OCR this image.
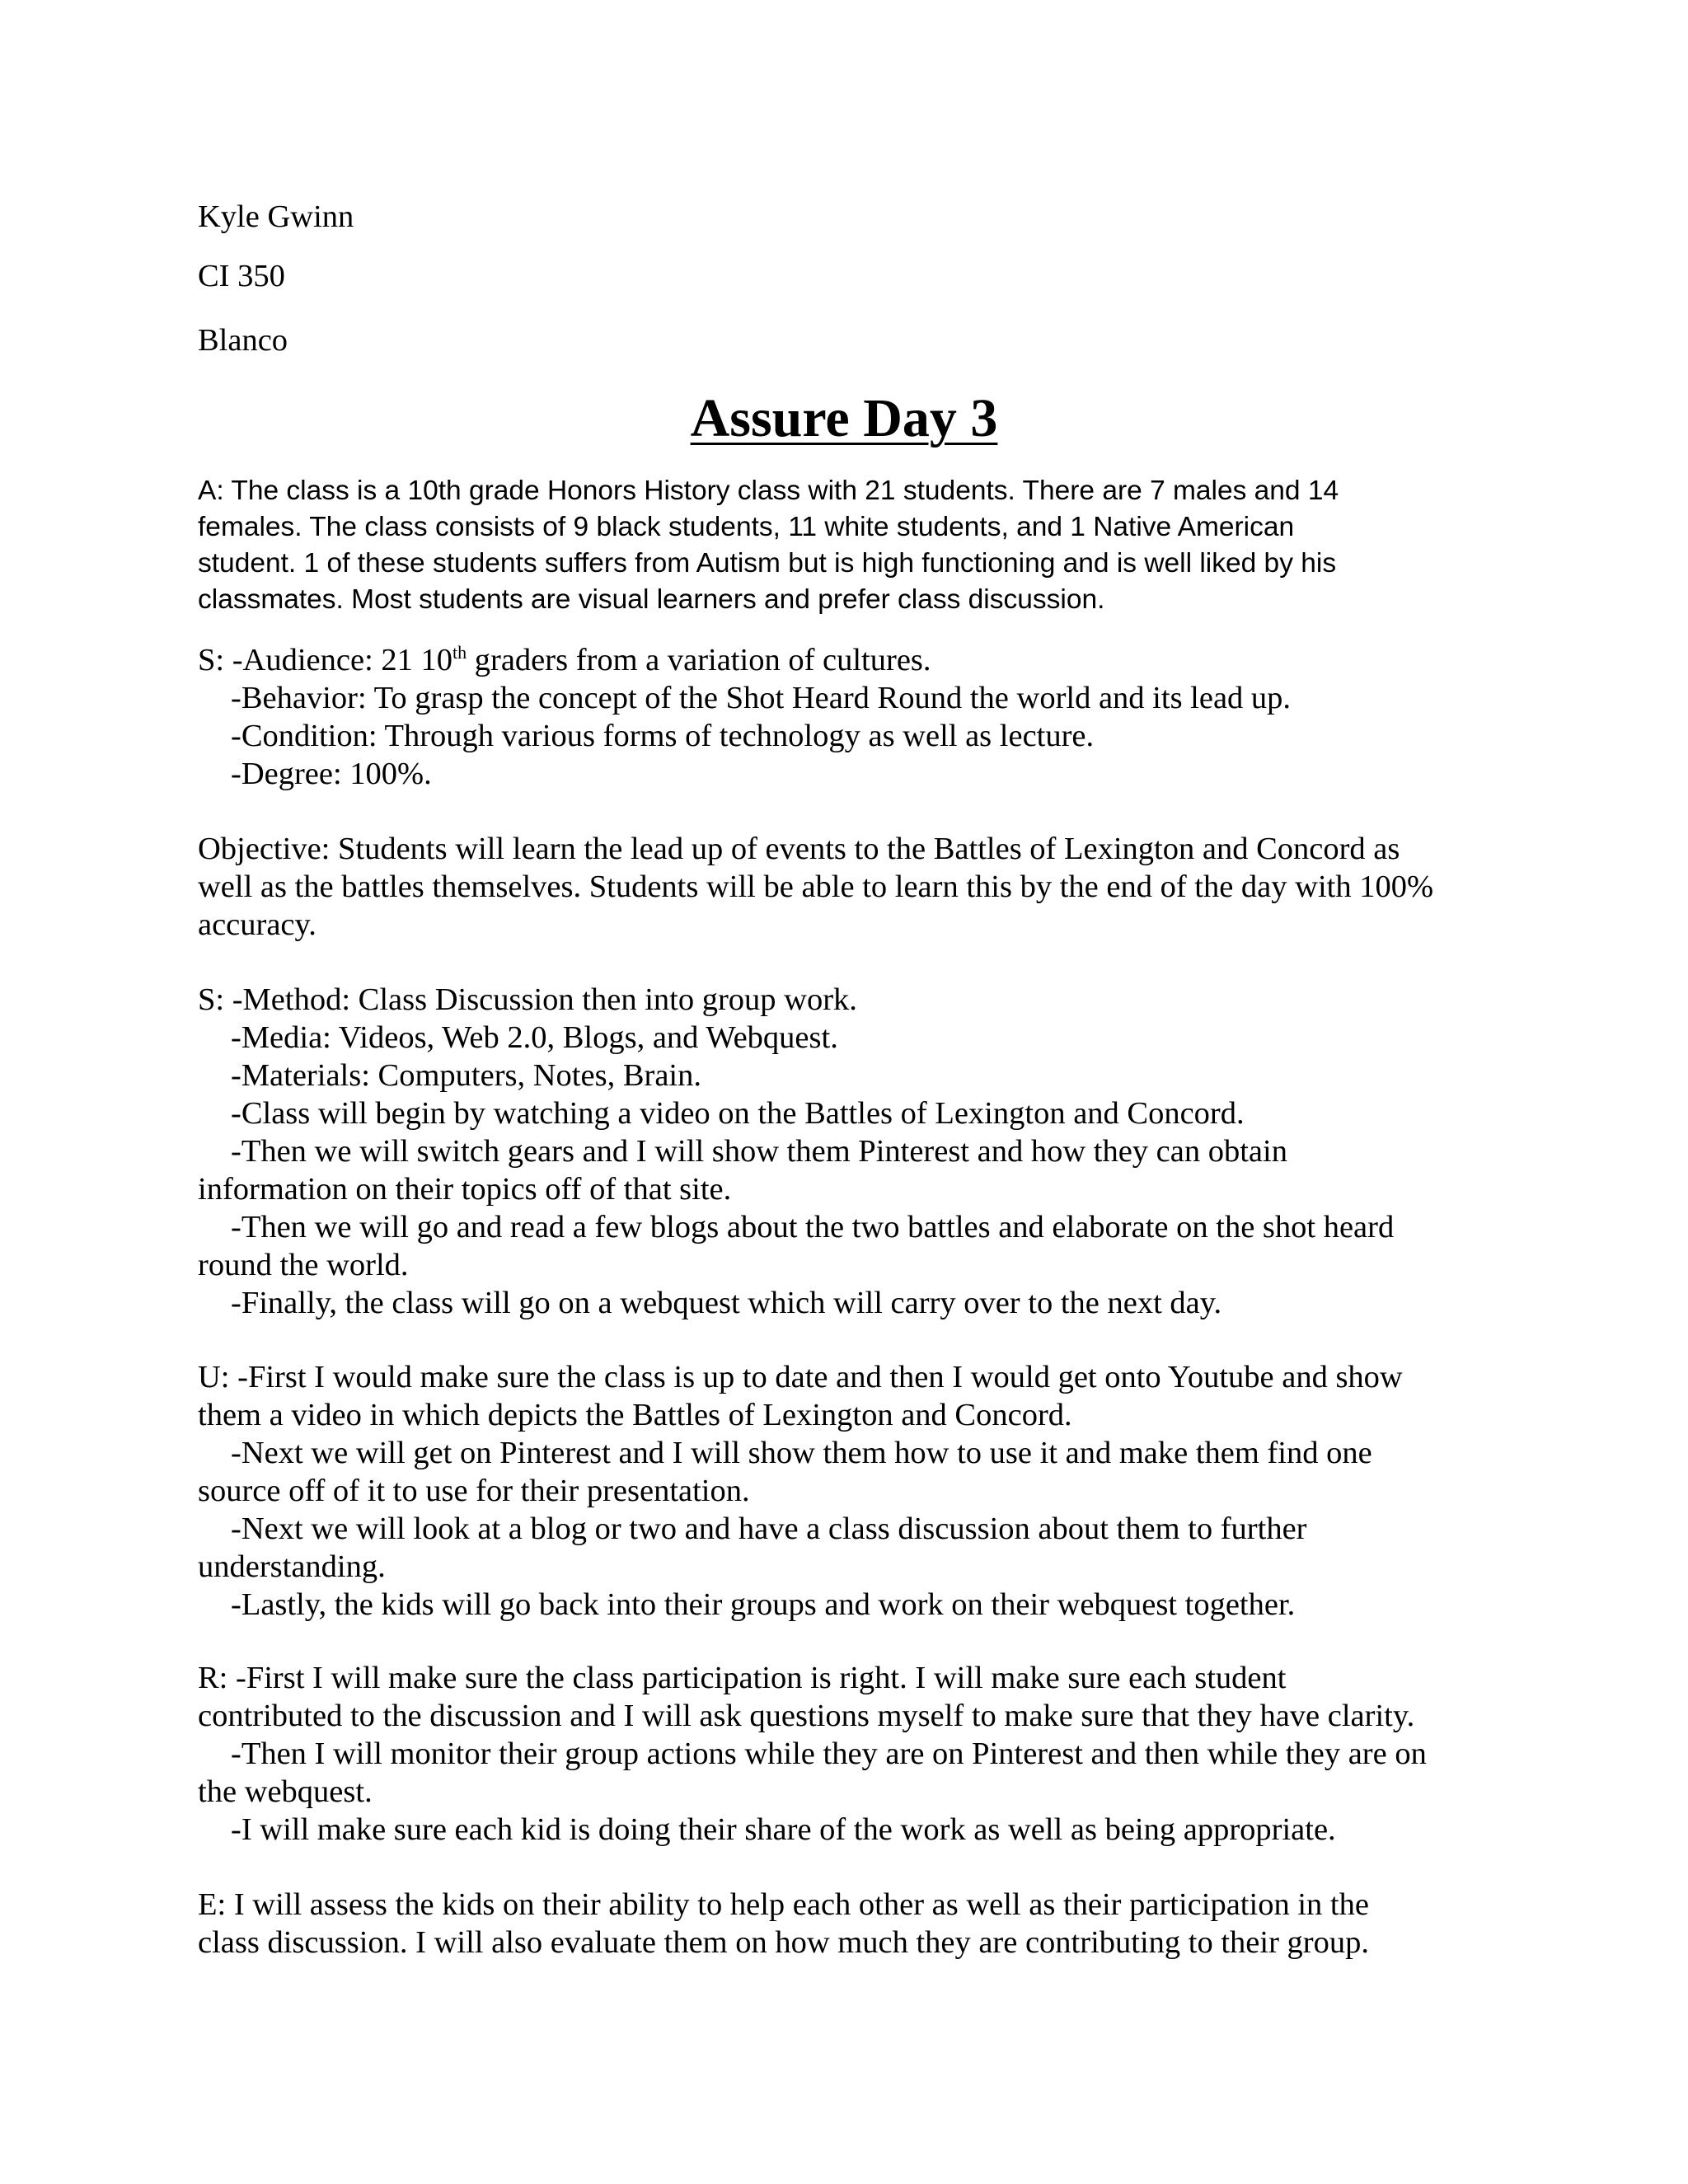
Kyle Gwinn

CI 350

Blanco

Assure Day 3
A: The class is a 10th grade Honors History class with 21 students. There are 7 males and 14
females. The class consists of 9 black students, 11 white students, and 1 Native American
student. 1 of these students suffers from Autism but is high functioning and is well liked by his
classmates. Most students are visual learners and prefer class discussion.
S: -Audience: 21 10th graders from a variation of cultures.
-Behavior: To grasp the concept of the Shot Heard Round the world and its lead up.
-Condition: Through various forms of technology as well as lecture.
-Degree: 100%.
Objective: Students will learn the lead up of events to the Battles of Lexington and Concord as
well as the battles themselves. Students will be able to learn this by the end of the day with 100%
accuracy.
S: -Method: Class Discussion then into group work.
-Media: Videos, Web 2.0, Blogs, and Webquest.
-Materials: Computers, Notes, Brain.
-Class will begin by watching a video on the Battles of Lexington and Concord.
-Then we will switch gears and I will show them Pinterest and how they can obtain
information on their topics off of that site.
-Then we will go and read a few blogs about the two battles and elaborate on the shot heard
round the world.
-Finally, the class will go on a webquest which will carry over to the next day.
U: -First I would make sure the class is up to date and then I would get onto Youtube and show
them a video in which depicts the Battles of Lexington and Concord.
-Next we will get on Pinterest and I will show them how to use it and make them find one
source off of it to use for their presentation.
-Next we will look at a blog or two and have a class discussion about them to further
understanding.
-Lastly, the kids will go back into their groups and work on their webquest together.
R: -First I will make sure the class participation is right. I will make sure each student
contributed to the discussion and I will ask questions myself to make sure that they have clarity.
-Then I will monitor their group actions while they are on Pinterest and then while they are on
the webquest.
-I will make sure each kid is doing their share of the work as well as being appropriate.
E: I will assess the kids on their ability to help each other as well as their participation in the
class discussion. I will also evaluate them on how much they are contributing to their group.
